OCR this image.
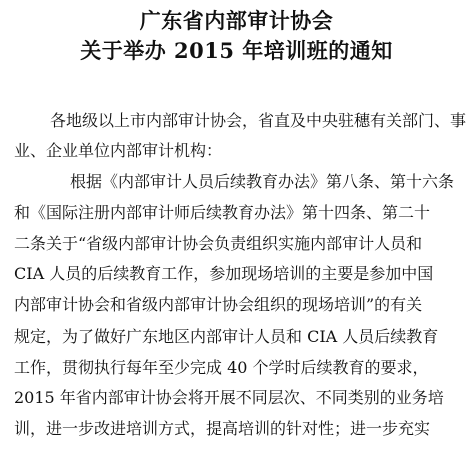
广东省内部审计协会
关于举办 2015 年培训班的通知
各地级以上市内部审计协会，省直及中央驻穗有关部门、事
业、企业单位内部审计机构：
根据《内部审计人员后续教育办法》第八条、第十六条
和《国际注册内部审计师后续教育办法》第十四条、第二十
二条关于“省级内部审计协会负责组织实施内部审计人员和
CIA 人员的后续教育工作，参加现场培训的主要是参加中国
内部审计协会和省级内部审计协会组织的现场培训”的有关
规定，为了做好广东地区内部审计人员和 CIA 人员后续教育
工作，贯彻执行每年至少完成 40 个学时后续教育的要求，
2015 年省内部审计协会将开展不同层次、不同类别的业务培
训，进一步改进培训方式，提高培训的针对性；进一步充实
